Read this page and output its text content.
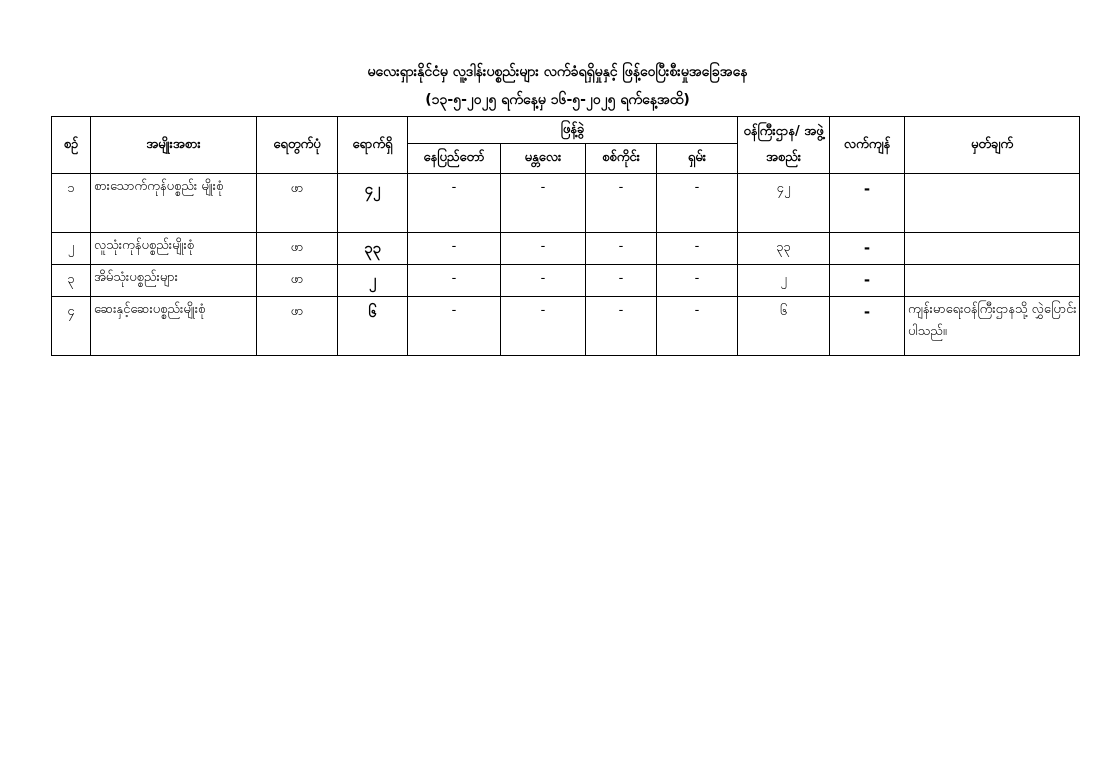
မလေးရှားနိုင်ငံမှ လူ့ဒါန်းပစ္စည်းများ လက်ခံရရှိမှုနှင့် ဖြန့်ဝေပြီးစီးမှုအခြေအနေ
(၁၃-၅-၂၀၂၅ ရက်နေ့မှ ၁၆-၅-၂၀၂၅ ရက်နေ့အထိ)
စဉ်	အမျိုးအစား	ရေတွက်ပုံ	ရောက်ရှိ	ဖြန့်ခွဲ				ဝန်ကြီးဌာန/ အဖွဲ့အစည်း	လက်ကျန်	မှတ်ချက်
				နေပြည်တော်	မန္တလေး	စစ်ကိုင်း	ရှမ်း			
၁	စားသောက်ကုန်ပစ္စည်း မျိုးစုံ	ဖာ	၄၂	-	-	-	-	၄၂	-	
၂	လူသုံးကုန်ပစ္စည်းမျိုးစုံ	ဖာ	၃၃	-	-	-	-	၃၃	-	
၃	အိမ်သုံးပစ္စည်းများ	ဖာ	၂	-	-	-	-	၂	-	
၄	ဆေးနှင့်ဆေးပစ္စည်းမျိုးစုံ	ဖာ	၆	-	-	-	-	၆	-	ကျန်းမာရေးဝန်ကြီးဌာနသို့ လွှဲပြောင်းပါသည်။
